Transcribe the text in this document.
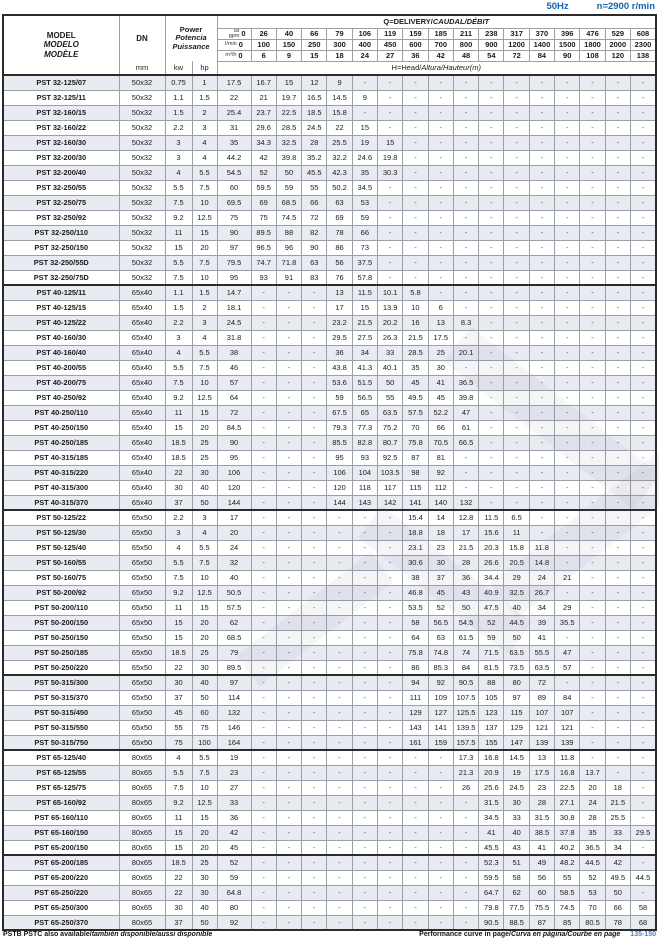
50Hz	n=2900 r/min
MODEL
MODELO
MODÈLE
	DN	
Power
Potencia
Puissance
	Q=DELIVERY/CAUDAL/DÉBIT

				us gpm 0	26	40	66	79	106	119	159	185	211	238	317	370	396	476	529	608

				l/min 0	100	150	250	300	400	450	600	700	800	900	1200	1400	1500	1800	2000	2300

				m³/h 0	6	9	15	18	24	27	36	42	48	54	72	84	90	108	120	138
	mm	kw	hp	H=Head/Altura/Hauteur(m)																
PST 32-125/07	50x32	0.75	1	17.5	16.7	15	12	9	-	-	-	-	-	-	-	-	-	-	-	-
PST 32-125/11	50x32	1.1	1.5	22	21	19.7	16.5	14.5	9	-	-	-	-	-	-	-	-	-	-	-
PST 32-160/15	50x32	1.5	2	25.4	23.7	22.5	18.5	15.8	-	-	-	-	-	-	-	-	-	-	-	-
PST 32-160/22	50x32	2.2	3	31	29.6	28.5	24.5	22	15	-	-	-	-	-	-	-	-	-	-	-
PST 32-160/30	50x32	3	4	35	34.3	32.5	28	25.5	19	15	-	-	-	-	-	-	-	-	-	-
PST 32-200/30	50x32	3	4	44.2	42	39.8	35.2	32.2	24.6	19.8	-	-	-	-	-	-	-	-	-	-
PST 32-200/40	50x32	4	5.5	54.5	52	50	45.5	42.3	35	30.3	-	-	-	-	-	-	-	-	-	-
PST 32-250/55	50x32	5.5	7.5	60	59.5	59	55	50.2	34.5	-	-	-	-	-	-	-	-	-	-	-
PST 32-250/75	50x32	7.5	10	69.5	69	68.5	66	63	53	-	-	-	-	-	-	-	-	-	-	-
PST 32-250/92	50x32	9.2	12.5	75	75	74.5	72	69	59	-	-	-	-	-	-	-	-	-	-	-
PST 32-250/110	50x32	11	15	90	89.5	88	82	78	66	-	-	-	-	-	-	-	-	-	-	-
PST 32-250/150	50x32	15	20	97	96.5	96	90	86	73	-	-	-	-	-	-	-	-	-	-	-
PST 32-250/55D	50x32	5.5	7.5	79.5	74.7	71.8	63	56	37.5	-	-	-	-	-	-	-	-	-	-	-
PST 32-250/75D	50x32	7.5	10	95	93	91	83	76	57.8	-	-	-	-	-	-	-	-	-	-	-
PST 40-125/11	65x40	1.1	1.5	14.7	-	-	-	13	11.5	10.1	5.8	-	-	-	-	-	-	-	-	-
PST 40-125/15	65x40	1.5	2	18.1	-	-	-	17	15	13.9	10	6	-	-	-	-	-	-	-	-
PST 40-125/22	65x40	2.2	3	24.5	-	-	-	23.2	21.5	20.2	16	13	8.3	-	-	-	-	-	-	-
PST 40-160/30	65x40	3	4	31.8	-	-	-	29.5	27.5	26.3	21.5	17.5	-	-	-	-	-	-	-	-
PST 40-160/40	65x40	4	5.5	38	-	-	-	36	34	33	28.5	25	20.1	-	-	-	-	-	-	-
PST 40-200/55	65x40	5.5	7.5	46	-	-	-	43.8	41.3	40.1	35	30	-	-	-	-	-	-	-	-
PST 40-200/75	65x40	7.5	10	57	-	-	-	53.6	51.5	50	45	41	36.5	-	-	-	-	-	-	-
PST 40-250/92	65x40	9.2	12.5	64	-	-	-	59	56.5	55	49.5	45	39.8	-	-	-	-	-	-	-
PST 40-250/110	65x40	11	15	72	-	-	-	67.5	65	63.5	57.5	52.2	47	-	-	-	-	-	-	-
PST 40-250/150	65x40	15	20	84.5	-	-	-	79.3	77.3	75.2	70	66	61	-	-	-	-	-	-	-
PST 40-250/185	65x40	18.5	25	90	-	-	-	85.5	82.8	80.7	75.8	70.5	66.5	-	-	-	-	-	-	-
PST 40-315/185	65x40	18.5	25	95	-	-	-	95	93	92.5	87	81	-	-	-	-	-	-	-	-
PST 40-315/220	65x40	22	30	106	-	-	-	106	104	103.5	98	92	-	-	-	-	-	-	-	-
PST 40-315/300	65x40	30	40	120	-	-	-	120	118	117	115	112	-	-	-	-	-	-	-	-
PST 40-315/370	65x40	37	50	144	-	-	-	144	143	142	141	140	132	-	-	-	-	-	-	-
PST 50-125/22	65x50	2.2	3	17	-	-	-	-	-	-	15.4	14	12.8	11.5	6.5	-	-	-	-	-
PST 50-125/30	65x50	3	4	20	-	-	-	-	-	-	18.8	18	17	15.6	11	-	-	-	-	-
PST 50-125/40	65x50	4	5.5	24	-	-	-	-	-	-	23.1	23	21.5	20.3	15.8	11.8	-	-	-	-
PST 50-160/55	65x50	5.5	7.5	32	-	-	-	-	-	-	30.6	30	28	26.6	20.5	14.8	-	-	-	-
PST 50-160/75	65x50	7.5	10	40	-	-	-	-	-	-	38	37	36	34.4	29	24	21	-	-	-
PST 50-200/92	65x50	9.2	12.5	50.5	-	-	-	-	-	-	46.8	45	43	40.9	32.5	26.7	-	-	-	-
PST 50-200/110	65x50	11	15	57.5	-	-	-	-	-	-	53.5	52	50	47.5	40	34	29	-	-	-
PST 50-200/150	65x50	15	20	62	-	-	-	-	-	-	58	56.5	54.5	52	44.5	39	35.5	-	-	-
PST 50-250/150	65x50	15	20	68.5	-	-	-	-	-	-	64	63	61.5	59	50	41	-	-	-	-
PST 50-250/185	65x50	18.5	25	79	-	-	-	-	-	-	75.8	74.8	74	71.5	63.5	55.5	47	-	-	-
PST 50-250/220	65x50	22	30	89.5	-	-	-	-	-	-	86	85.3	84	81.5	73.5	63.5	57	-	-	-
PST 50-315/300	65x50	30	40	97	-	-	-	-	-	-	94	92	90.5	88	80	72	-	-	-	-
PST 50-315/370	65x50	37	50	114	-	-	-	-	-	-	111	109	107.5	105	97	89	84	-	-	-
PST 50-315/450	65x50	45	60	132	-	-	-	-	-	-	129	127	125.5	123	115	107	107	-	-	-
PST 50-315/550	65x50	55	75	146	-	-	-	-	-	-	143	141	139.5	137	129	121	121	-	-	-
PST 50-315/750	65x50	75	100	164	-	-	-	-	-	-	161	159	157.5	155	147	139	139	-	-	-
PST 65-125/40	80x65	4	5.5	19	-	-	-	-	-	-	-	-	17.3	16.8	14.5	13	11.8	-	-	-
PST 65-125/55	80x65	5.5	7.5	23	-	-	-	-	-	-	-	-	21.3	20.9	19	17.5	16.8	13.7	-	-
PST 65-125/75	80x65	7.5	10	27	-	-	-	-	-	-	-	-	26	25.6	24.5	23	22.5	20	18	-
PST 65-160/92	80x65	9.2	12.5	33	-	-	-	-	-	-	-	-	-	31.5	30	28	27.1	24	21.5	-
PST 65-160/110	80x65	11	15	36	-	-	-	-	-	-	-	-	-	34.5	33	31.5	30.8	28	25.5	-
PST 65-160/150	80x65	15	20	42	-	-	-	-	-	-	-	-	-	41	40	38.5	37.8	35	33	29.5
PST 65-200/150	80x65	15	20	45	-	-	-	-	-	-	-	-	-	45.5	43	41	40.2	36.5	34	-
PST 65-200/185	80x65	18.5	25	52	-	-	-	-	-	-	-	-	-	52.3	51	49	48.2	44.5	42	-
PST 65-200/220	80x65	22	30	59	-	-	-	-	-	-	-	-	-	59.5	58	56	55	52	49.5	44.5
PST 65-250/220	80x65	22	30	64.8	-	-	-	-	-	-	-	-	-	64.7	62	60	58.5	53	50	-
PST 65-250/300	80x65	30	40	80	-	-	-	-	-	-	-	-	-	79.8	77.5	75.5	74.5	70	66	58
PST 65-250/370	80x65	37	50	92	-	-	-	-	-	-	-	-	-	90.5	88.5	87	85	80.5	78	68
PSTB PSTC also available/también disponible/aussi disponible	Performance curve in page/Curva en página/Courbe en page 135-150
